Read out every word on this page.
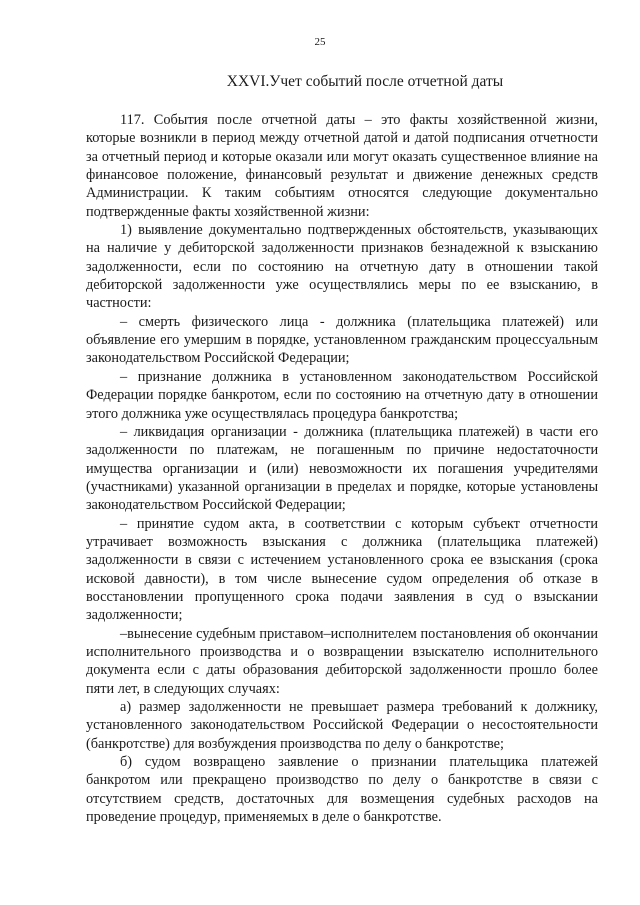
25
XXVI.Учет событий после отчетной даты

117. События после отчетной даты – это факты хозяйственной жизни, которые возникли в период между отчетной датой и датой подписания отчетности за отчетный период и которые оказали или могут оказать существенное влияние на финансовое положение, финансовый результат и движение денежных средств Администрации. К таким событиям относятся следующие документально подтвержденные факты хозяйственной жизни:

1) выявление документально подтвержденных обстоятельств, указывающих на наличие у дебиторской задолженности признаков безнадежной к взысканию задолженности, если по состоянию на отчетную дату в отношении такой дебиторской задолженности уже осуществлялись меры по ее взысканию, в частности:

– смерть физического лица - должника (плательщика платежей) или объявление его умершим в порядке, установленном гражданским процессуальным законодательством Российской Федерации;

– признание должника в установленном законодательством Российской Федерации порядке банкротом, если по состоянию на отчетную дату в отношении этого должника уже осуществлялась процедура банкротства;

– ликвидация организации - должника (плательщика платежей) в части его задолженности по платежам, не погашенным по причине недостаточности имущества организации и (или) невозможности их погашения учредителями (участниками) указанной организации в пределах и порядке, которые установлены законодательством Российской Федерации;

– принятие судом акта, в соответствии с которым субъект отчетности утрачивает возможность взыскания с должника (плательщика платежей) задолженности в связи с истечением установленного срока ее взыскания (срока исковой давности), в том числе вынесение судом определения об отказе в восстановлении пропущенного срока подачи заявления в суд о взыскании задолженности;

–вынесение судебным приставом–исполнителем постановления об окончании исполнительного производства и о возвращении взыскателю исполнительного документа если с даты образования дебиторской задолженности прошло более пяти лет, в следующих случаях:

а) размер задолженности не превышает размера требований к должнику, установленного законодательством Российской Федерации о несостоятельности (банкротстве) для возбуждения производства по делу о банкротстве;

б) судом возвращено заявление о признании плательщика платежей банкротом или прекращено производство по делу о банкротстве в связи с отсутствием средств, достаточных для возмещения судебных расходов на проведение процедур, применяемых в деле о банкротстве.
